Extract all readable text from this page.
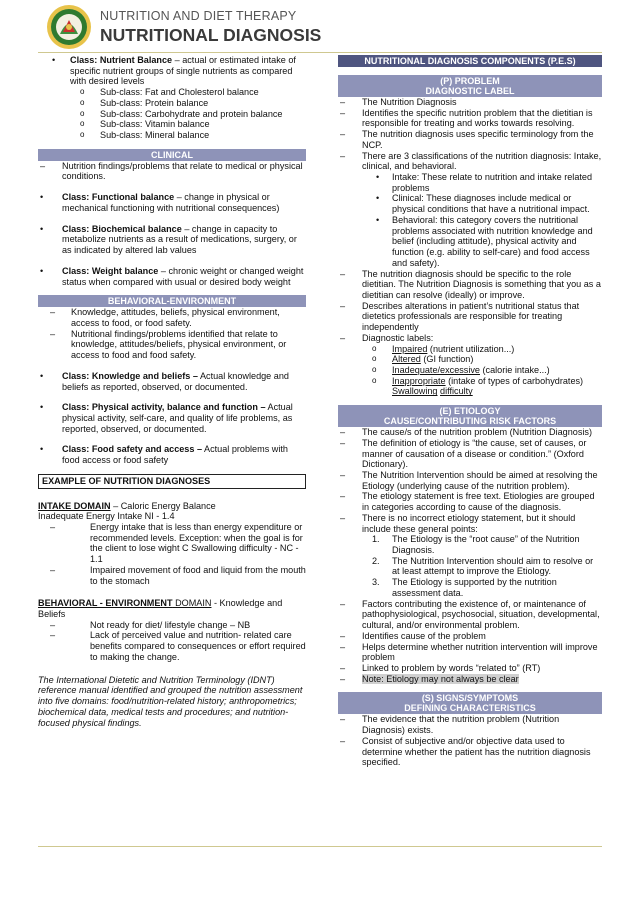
NUTRITION AND DIET THERAPY
NUTRITIONAL DIAGNOSIS

• Class: Nutrient Balance – actual or estimated intake of specific nutrient groups of single nutrients as compared with desired levels

o Sub-class: Fat and Cholesterol balance

o Sub-class: Protein balance

o Sub-class: Carbohydrate and protein balance

o Sub-class: Vitamin balance

o Sub-class: Mineral balance

CLINICAL

– Nutrition findings/problems that relate to medical or physical conditions.

• Class: Functional balance – change in physical or mechanical functioning with nutritional consequences)

• Class: Biochemical balance – change in capacity to metabolize nutrients as a result of medications, surgery, or as indicated by altered lab values

• Class: Weight balance – chronic weight or changed weight status when compared with usual or desired body weight

BEHAVIORAL-ENVIRONMENT

– Knowledge, attitudes, beliefs, physical environment, access to food, or food safety.

– Nutritional findings/problems identified that relate to knowledge, attitudes/beliefs, physical environment, or access to food and food safety.

• Class: Knowledge and beliefs – Actual knowledge and beliefs as reported, observed, or documented.

• Class: Physical activity, balance and function – Actual physical activity, self-care, and quality of life problems, as reported, observed, or documented.

• Class: Food safety and access – Actual problems with food access or food safety

EXAMPLE OF NUTRITION DIAGNOSES

INTAKE DOMAIN – Caloric Energy Balance

Inadequate Energy Intake NI - 1.4

– Energy intake that is less than energy expenditure or recommended levels. Exception: when the goal is for the client to lose wight C Swallowing difficulty - NC - 1.1

– Impaired movement of food and liquid from the mouth to the stomach

BEHAVIORAL - ENVIRONMENT DOMAIN - Knowledge and Beliefs

– Not ready for diet/ lifestyle change – NB

– Lack of perceived value and nutrition- related care benefits compared to consequences or effort required to making the change.

The International Dietetic and Nutrition Terminology (IDNT) reference manual identified and grouped the nutrition assessment into five domains: food/nutrition-related history; anthropometrics; biochemical data, medical tests and procedures; and nutrition-focused physical findings.

NUTRITIONAL DIAGNOSIS COMPONENTS (P.E.S)
(P) PROBLEM
DIAGNOSTIC LABEL

– The Nutrition Diagnosis

– Identifies the specific nutrition problem that the dietitian is responsible for treating and works towards resolving.

– The nutrition diagnosis uses specific terminology from the NCP.

– There are 3 classifications of the nutrition diagnosis: Intake, clinical, and behavioral.

• Intake: These relate to nutrition and intake related problems

• Clinical: These diagnoses include medical or physical conditions that have a nutritional impact.

• Behavioral: this category covers the nutritional problems associated with nutrition knowledge and belief (including attitude), physical activity and function (e.g. ability to self-care) and food access and safety).

– The nutrition diagnosis should be specific to the role dietitian. The Nutrition Diagnosis is something that you as a dietitian can resolve (ideally) or improve.

– Describes alterations in patient’s nutritional status that dietetics professionals are responsible for treating independently

– Diagnostic labels:

o Impaired (nutrient utilization...)

o Altered (GI function)

o Inadequate/excessive (calorie intake...)

o Inappropriate (intake of types of carbohydrates)

Swallowing difficulty

(E) ETIOLOGY
CAUSE/CONTRIBUTING RISK FACTORS

– The cause/s of the nutrition problem (Nutrition Diagnosis)

– The definition of etiology is “the cause, set of causes, or manner of causation of a disease or condition.” (Oxford Dictionary).

– The Nutrition Intervention should be aimed at resolving the Etiology (underlying cause of the nutrition problem).

– The etiology statement is free text. Etiologies are grouped in categories according to cause of the diagnosis.

– There is no incorrect etiology statement, but it should include these general points:

1. The Etiology is the “root cause” of the Nutrition Diagnosis.

2. The Nutrition Intervention should aim to resolve or at least attempt to improve the Etiology.

3. The Etiology is supported by the nutrition assessment data.

– Factors contributing the existence of, or maintenance of pathophysiological, psychosocial, situation, developmental, cultural, and/or environmental problem.

– Identifies cause of the problem

– Helps determine whether nutrition intervention will improve problem

– Linked to problem by words “related to” (RT)

– Note: Etiology may not always be clear

(S) SIGNS/SYMPTOMS
DEFINING CHARACTERISTICS

– The evidence that the nutrition problem (Nutrition Diagnosis) exists.

– Consist of subjective and/or objective data used to determine whether the patient has the nutrition diagnosis specified.
